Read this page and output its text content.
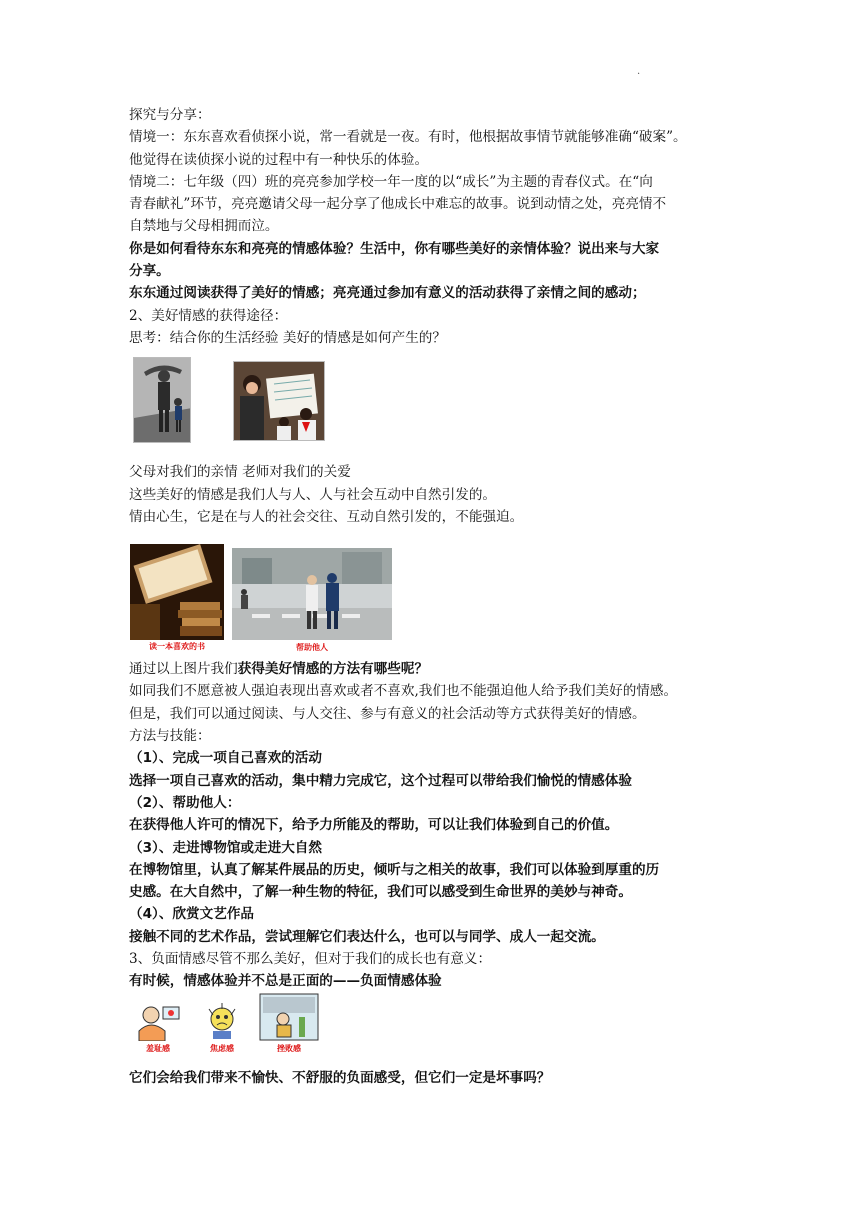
.
探究与分享：
情境一：东东喜欢看侦探小说，常一看就是一夜。有时，他根据故事情节就能够准确“破案”。
他觉得在读侦探小说的过程中有一种快乐的体验。
情境二：七年级（四）班的亮亮参加学校一年一度的以“成长”为主题的青春仪式。在“向
青春献礼”环节，亮亮邀请父母一起分享了他成长中难忘的故事。说到动情之处，亮亮情不
自禁地与父母相拥而泣。
你是如何看待东东和亮亮的情感体验？生活中，你有哪些美好的亲情体验？说出来与大家
分享。
东东通过阅读获得了美好的情感；亮亮通过参加有意义的活动获得了亲情之间的感动；
2、美好情感的获得途径：
思考：结合你的生活经验 美好的情感是如何产生的？
父母对我们的亲情 老师对我们的关爱
这些美好的情感是我们人与人、人与社会互动中自然引发的。
情由心生，它是在与人的社会交往、互动自然引发的，不能强迫。
读一本喜欢的书	帮助他人
通过以上图片我们获得美好情感的方法有哪些呢？
如同我们不愿意被人强迫表现出喜欢或者不喜欢,我们也不能强迫他人给予我们美好的情感。
但是，我们可以通过阅读、与人交往、参与有意义的社会活动等方式获得美好的情感。
方法与技能：
（1）、完成一项自己喜欢的活动
选择一项自己喜欢的活动，集中精力完成它，这个过程可以带给我们愉悦的情感体验
（2）、帮助他人：
在获得他人许可的情况下，给予力所能及的帮助，可以让我们体验到自己的价值。
（3）、走进博物馆或走进大自然
在博物馆里，认真了解某件展品的历史，倾听与之相关的故事，我们可以体验到厚重的历
史感。在大自然中，了解一种生物的特征，我们可以感受到生命世界的美妙与神奇。
（4）、欣赏文艺作品
接触不同的艺术作品，尝试理解它们表达什么，也可以与同学、成人一起交流。
3、负面情感尽管不那么美好，但对于我们的成长也有意义：
有时候，情感体验并不总是正面的——负面情感体验
羞耻感	焦虑感	挫败感
它们会给我们带来不愉快、不舒服的负面感受，但它们一定是坏事吗？
